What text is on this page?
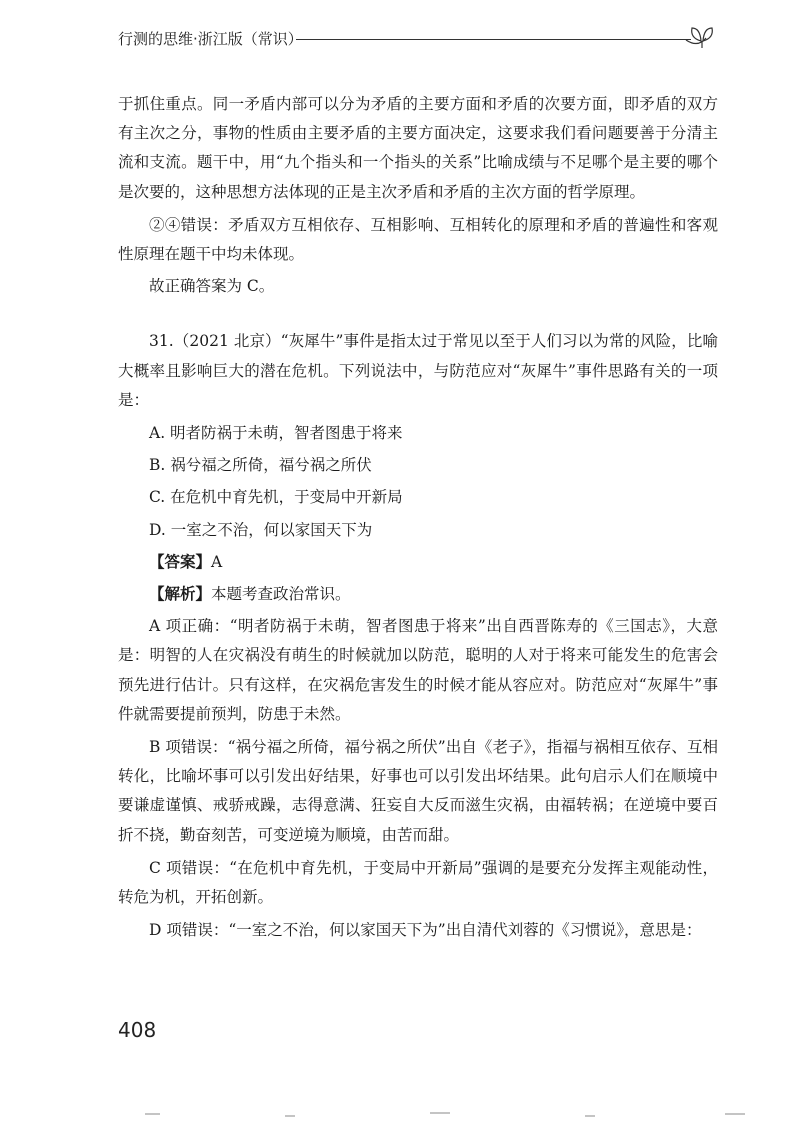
行测的思维·浙江版（常识）

于抓住重点。同一矛盾内部可以分为矛盾的主要方面和矛盾的次要方面，即矛盾的双方有主次之分，事物的性质由主要矛盾的主要方面决定，这要求我们看问题要善于分清主流和支流。题干中，用“九个指头和一个指头的关系”比喻成绩与不足哪个是主要的哪个是次要的，这种思想方法体现的正是主次矛盾和矛盾的主次方面的哲学原理。

②④错误：矛盾双方互相依存、互相影响、互相转化的原理和矛盾的普遍性和客观性原理在题干中均未体现。

故正确答案为 C。

31.（2021 北京）“灰犀牛”事件是指太过于常见以至于人们习以为常的风险，比喻大概率且影响巨大的潜在危机。下列说法中，与防范应对“灰犀牛”事件思路有关的一项是：

A. 明者防祸于未萌，智者图患于将来

B. 祸兮福之所倚，福兮祸之所伏

C. 在危机中育先机，于变局中开新局

D. 一室之不治，何以家国天下为

【答案】A

【解析】本题考查政治常识。

A 项正确：“明者防祸于未萌，智者图患于将来”出自西晋陈寿的《三国志》，大意是：明智的人在灾祸没有萌生的时候就加以防范，聪明的人对于将来可能发生的危害会预先进行估计。只有这样，在灾祸危害发生的时候才能从容应对。防范应对“灰犀牛”事件就需要提前预判，防患于未然。

B 项错误：“祸兮福之所倚，福兮祸之所伏”出自《老子》，指福与祸相互依存、互相转化，比喻坏事可以引发出好结果，好事也可以引发出坏结果。此句启示人们在顺境中要谦虚谨慎、戒骄戒躁，志得意满、狂妄自大反而滋生灾祸，由福转祸；在逆境中要百折不挠，勤奋刻苦，可变逆境为顺境，由苦而甜。

C 项错误：“在危机中育先机，于变局中开新局”强调的是要充分发挥主观能动性，转危为机，开拓创新。

D 项错误：“一室之不治，何以家国天下为”出自清代刘蓉的《习惯说》，意思是：

408
